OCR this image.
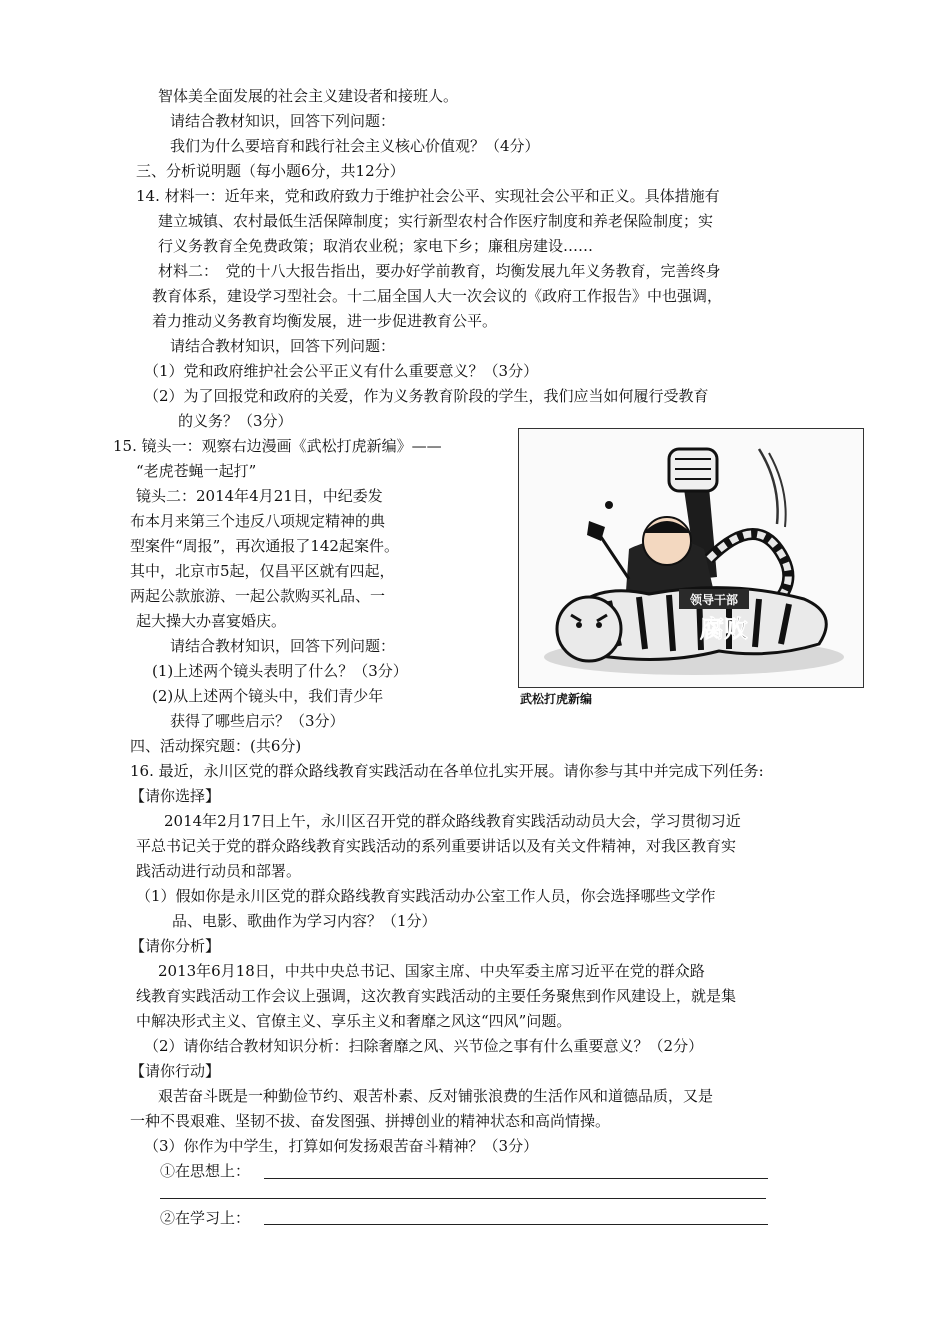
智体美全面发展的社会主义建设者和接班人。
请结合教材知识，回答下列问题：
我们为什么要培育和践行社会主义核心价值观？（4分）
三、分析说明题（每小题6分，共12分）
14. 材料一：近年来，党和政府致力于维护社会公平、实现社会公平和正义。具体措施有
建立城镇、农村最低生活保障制度；实行新型农村合作医疗制度和养老保险制度；实
行义务教育全免费政策；取消农业税；家电下乡；廉租房建设……
材料二：　党的十八大报告指出，要办好学前教育，均衡发展九年义务教育，完善终身
教育体系，建设学习型社会。十二届全国人大一次会议的《政府工作报告》中也强调，
着力推动义务教育均衡发展，进一步促进教育公平。
请结合教材知识，回答下列问题：
（1）党和政府维护社会公平正义有什么重要意义？（3分）
（2）为了回报党和政府的关爱，作为义务教育阶段的学生，我们应当如何履行受教育
的义务？（3分）
15. 镜头一：观察右边漫画《武松打虎新编》——
“老虎苍蝇一起打”
镜头二：2014年4月21日，中纪委发
布本月来第三个违反八项规定精神的典
型案件“周报”，再次通报了142起案件。
其中，北京市5起，仅昌平区就有四起，
两起公款旅游、一起公款购买礼品、一
起大操大办喜宴婚庆。
请结合教材知识，回答下列问题：
(1)上述两个镜头表明了什么？（3分）
(2)从上述两个镜头中，我们青少年
获得了哪些启示？（3分）
领导干部
腐败
武松打虎新编
四、活动探究题：(共6分)
16. 最近，永川区党的群众路线教育实践活动在各单位扎实开展。请你参与其中并完成下列任务:
【请你选择】
2014年2月17日上午，永川区召开党的群众路线教育实践活动动员大会，学习贯彻习近
平总书记关于党的群众路线教育实践活动的系列重要讲话以及有关文件精神，对我区教育实
践活动进行动员和部署。
（1）假如你是永川区党的群众路线教育实践活动办公室工作人员，你会选择哪些文学作
品、电影、歌曲作为学习内容？（1分）
【请你分析】
2013年6月18日，中共中央总书记、国家主席、中央军委主席习近平在党的群众路
线教育实践活动工作会议上强调，这次教育实践活动的主要任务聚焦到作风建设上，就是集
中解决形式主义、官僚主义、享乐主义和奢靡之风这“四风”问题。
（2）请你结合教材知识分析：扫除奢靡之风、兴节俭之事有什么重要意义？（2分）
【请你行动】
艰苦奋斗既是一种勤俭节约、艰苦朴素、反对铺张浪费的生活作风和道德品质，又是
一种不畏艰难、坚韧不拔、奋发图强、拼搏创业的精神状态和高尚情操。
（3）你作为中学生，打算如何发扬艰苦奋斗精神？（3分）
①在思想上：
②在学习上：
